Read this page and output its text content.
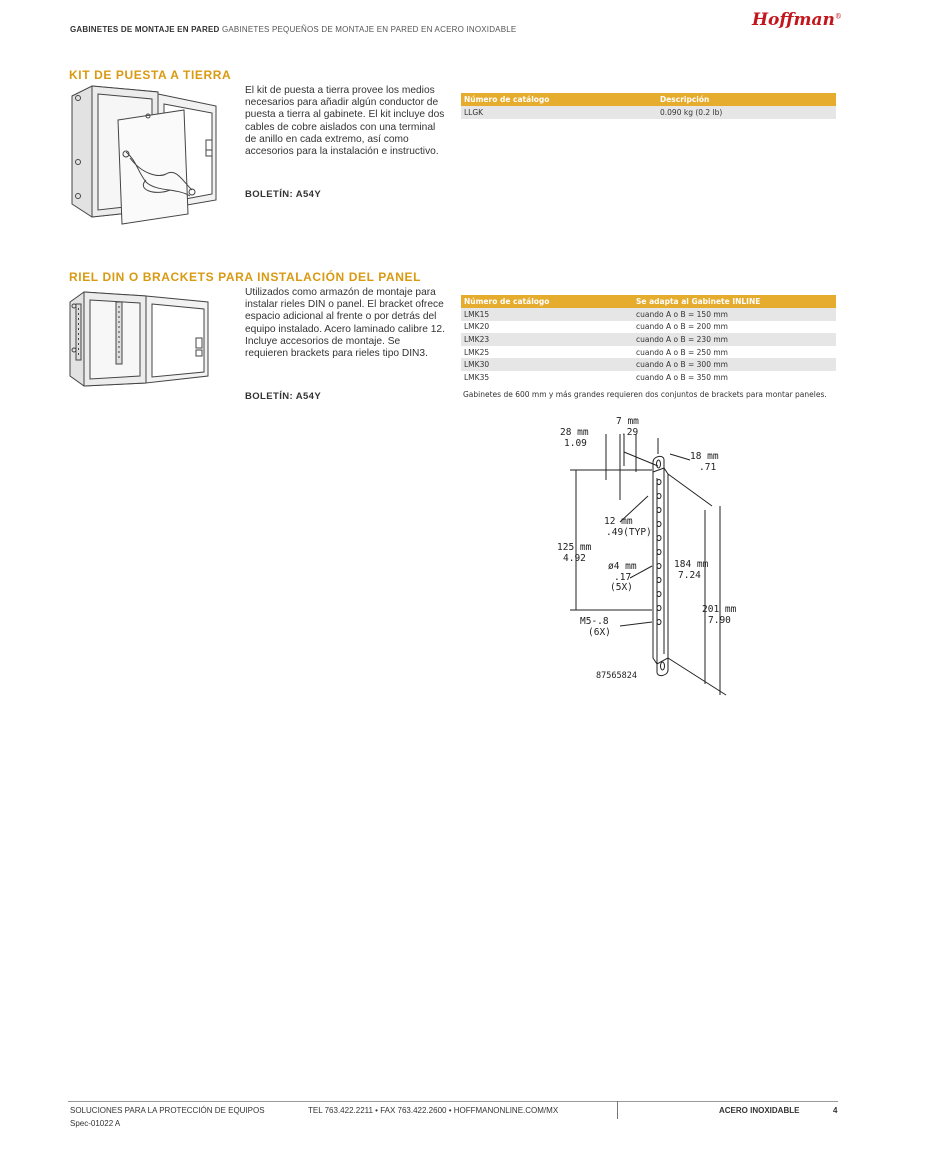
GABINETES DE MONTAJE EN PARED GABINETES PEQUEÑOS DE MONTAJE EN PARED EN ACERO INOXIDABLE	Hoffman®
KIT DE PUESTA A TIERRA
El kit de puesta a tierra provee los medios necesarios para añadir algún conductor de puesta a tierra al gabinete. El kit incluye dos cables de cobre aislados con una terminal de anillo en cada extremo, así como accesorios para la instalación e instructivo.
BOLETÍN: A54Y
Número de catálogo	Descripción
LLGK	0.090 kg (0.2 lb)
RIEL DIN O BRACKETS PARA INSTALACIÓN DEL PANEL
Utilizados como armazón de montaje para instalar rieles DIN o panel. El bracket ofrece espacio adicional al frente o por detrás del equipo instalado. Acero laminado calibre 12. Incluye accesorios de montaje. Se requieren brackets para rieles tipo DIN3.
BOLETÍN: A54Y
Número de catálogo	Se adapta al Gabinete INLINE
LMK15	cuando A o B = 150 mm
LMK20	cuando A o B = 200 mm
LMK23	cuando A o B = 230 mm
LMK25	cuando A o B = 250 mm
LMK30	cuando A o B = 300 mm
LMK35	cuando A o B = 350 mm
Gabinetes de 600 mm y más grandes requieren dos conjuntos de brackets para montar paneles.
7 mm
.29
28 mm
1.09
18 mm
.71
12 mm
.49(TYP)
125 mm
4.92
ø4 mm
.17
(5X)
184 mm
7.24
201 mm
7.90
M5-.8
(6X)
87565824
SOLUCIONES PARA LA PROTECCIÓN DE EQUIPOS	TEL 763.422.2211 • FAX 763.422.2600 • HOFFMANONLINE.COM/MX	ACERO INOXIDABLE	4
Spec-01022 A
